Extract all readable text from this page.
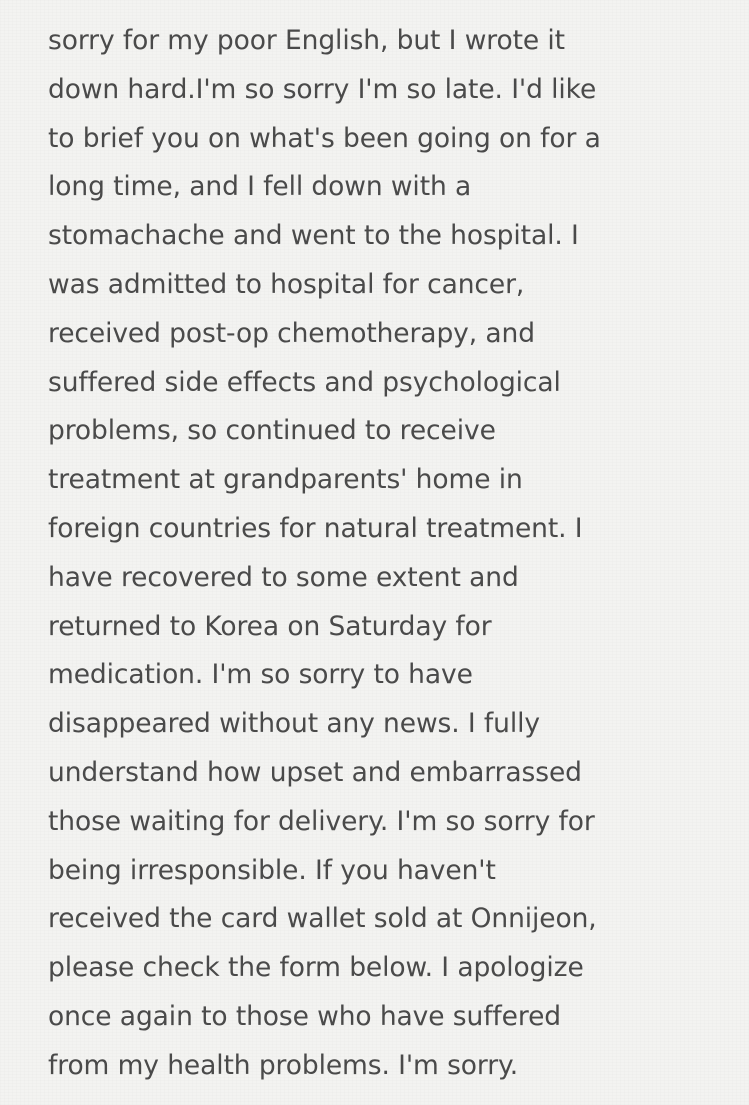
sorry for my poor English, but I wrote it
down hard.I'm so sorry I'm so late. I'd like
to brief you on what's been going on for a
long time, and I fell down with a
stomachache and went to the hospital. I
was admitted to hospital for cancer,
received post-op chemotherapy, and
suffered side effects and psychological
problems, so continued to receive
treatment at grandparents' home in
foreign countries for natural treatment. I
have recovered to some extent and
returned to Korea on Saturday for
medication. I'm so sorry to have
disappeared without any news. I fully
understand how upset and embarrassed
those waiting for delivery. I'm so sorry for
being irresponsible. If you haven't
received the card wallet sold at Onnijeon,
please check the form below. I apologize
once again to those who have suffered
from my health problems. I'm sorry.
